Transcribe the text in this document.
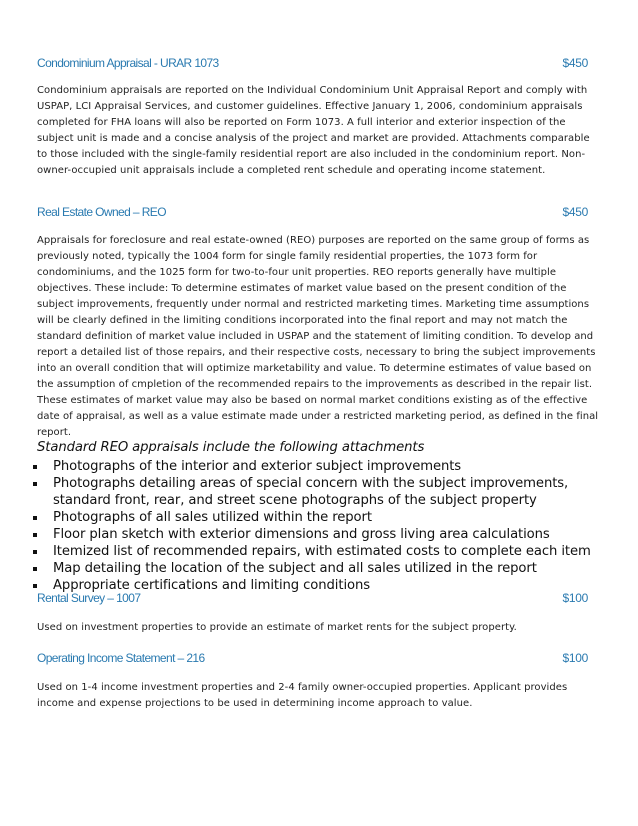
Condominium Appraisal - URAR 1073	$450

Condominium appraisals are reported on the Individual Condominium Unit Appraisal Report and comply with USPAP, LCI Appraisal Services, and customer guidelines. Effective January 1, 2006, condominium appraisals completed for FHA loans will also be reported on Form 1073. A full interior and exterior inspection of the subject unit is made and a concise analysis of the project and market are provided. Attachments comparable to those included with the single-family residential report are also included in the condominium report. Non-owner-occupied unit appraisals include a completed rent schedule and operating income statement.

Real Estate Owned – REO	$450

Appraisals for foreclosure and real estate-owned (REO) purposes are reported on the same group of forms as previously noted, typically the 1004 form for single family residential properties, the 1073 form for condominiums, and the 1025 form for two-to-four unit properties. REO reports generally have multiple objectives. These include: To determine estimates of market value based on the present condition of the subject improvements, frequently under normal and restricted marketing times. Marketing time assumptions will be clearly defined in the limiting conditions incorporated into the final report and may not match the standard definition of market value included in USPAP and the statement of limiting condition. To develop and report a detailed list of those repairs, and their respective costs, necessary to bring the subject improvements into an overall condition that will optimize marketability and value. To determine estimates of value based on the assumption of cmpletion of the recommended repairs to the improvements as described in the repair list. These estimates of market value may also be based on normal market conditions existing as of the effective date of appraisal, as well as a value estimate made under a restricted marketing period, as defined in the final report.

Standard REO appraisals include the following attachments
Photographs of the interior and exterior subject improvements
Photographs detailing areas of special concern with the subject improvements, standard front, rear, and street scene photographs of the subject property
Photographs of all sales utilized within the report
Floor plan sketch with exterior dimensions and gross living area calculations
Itemized list of recommended repairs, with estimated costs to complete each item
Map detailing the location of the subject and all sales utilized in the report
Appropriate certifications and limiting conditions
Rental Survey – 1007	$100

Used on investment properties to provide an estimate of market rents for the subject property.

Operating Income Statement – 216	$100

Used on 1-4 income investment properties and 2-4 family owner-occupied properties. Applicant provides income and expense projections to be used in determining income approach to value.
